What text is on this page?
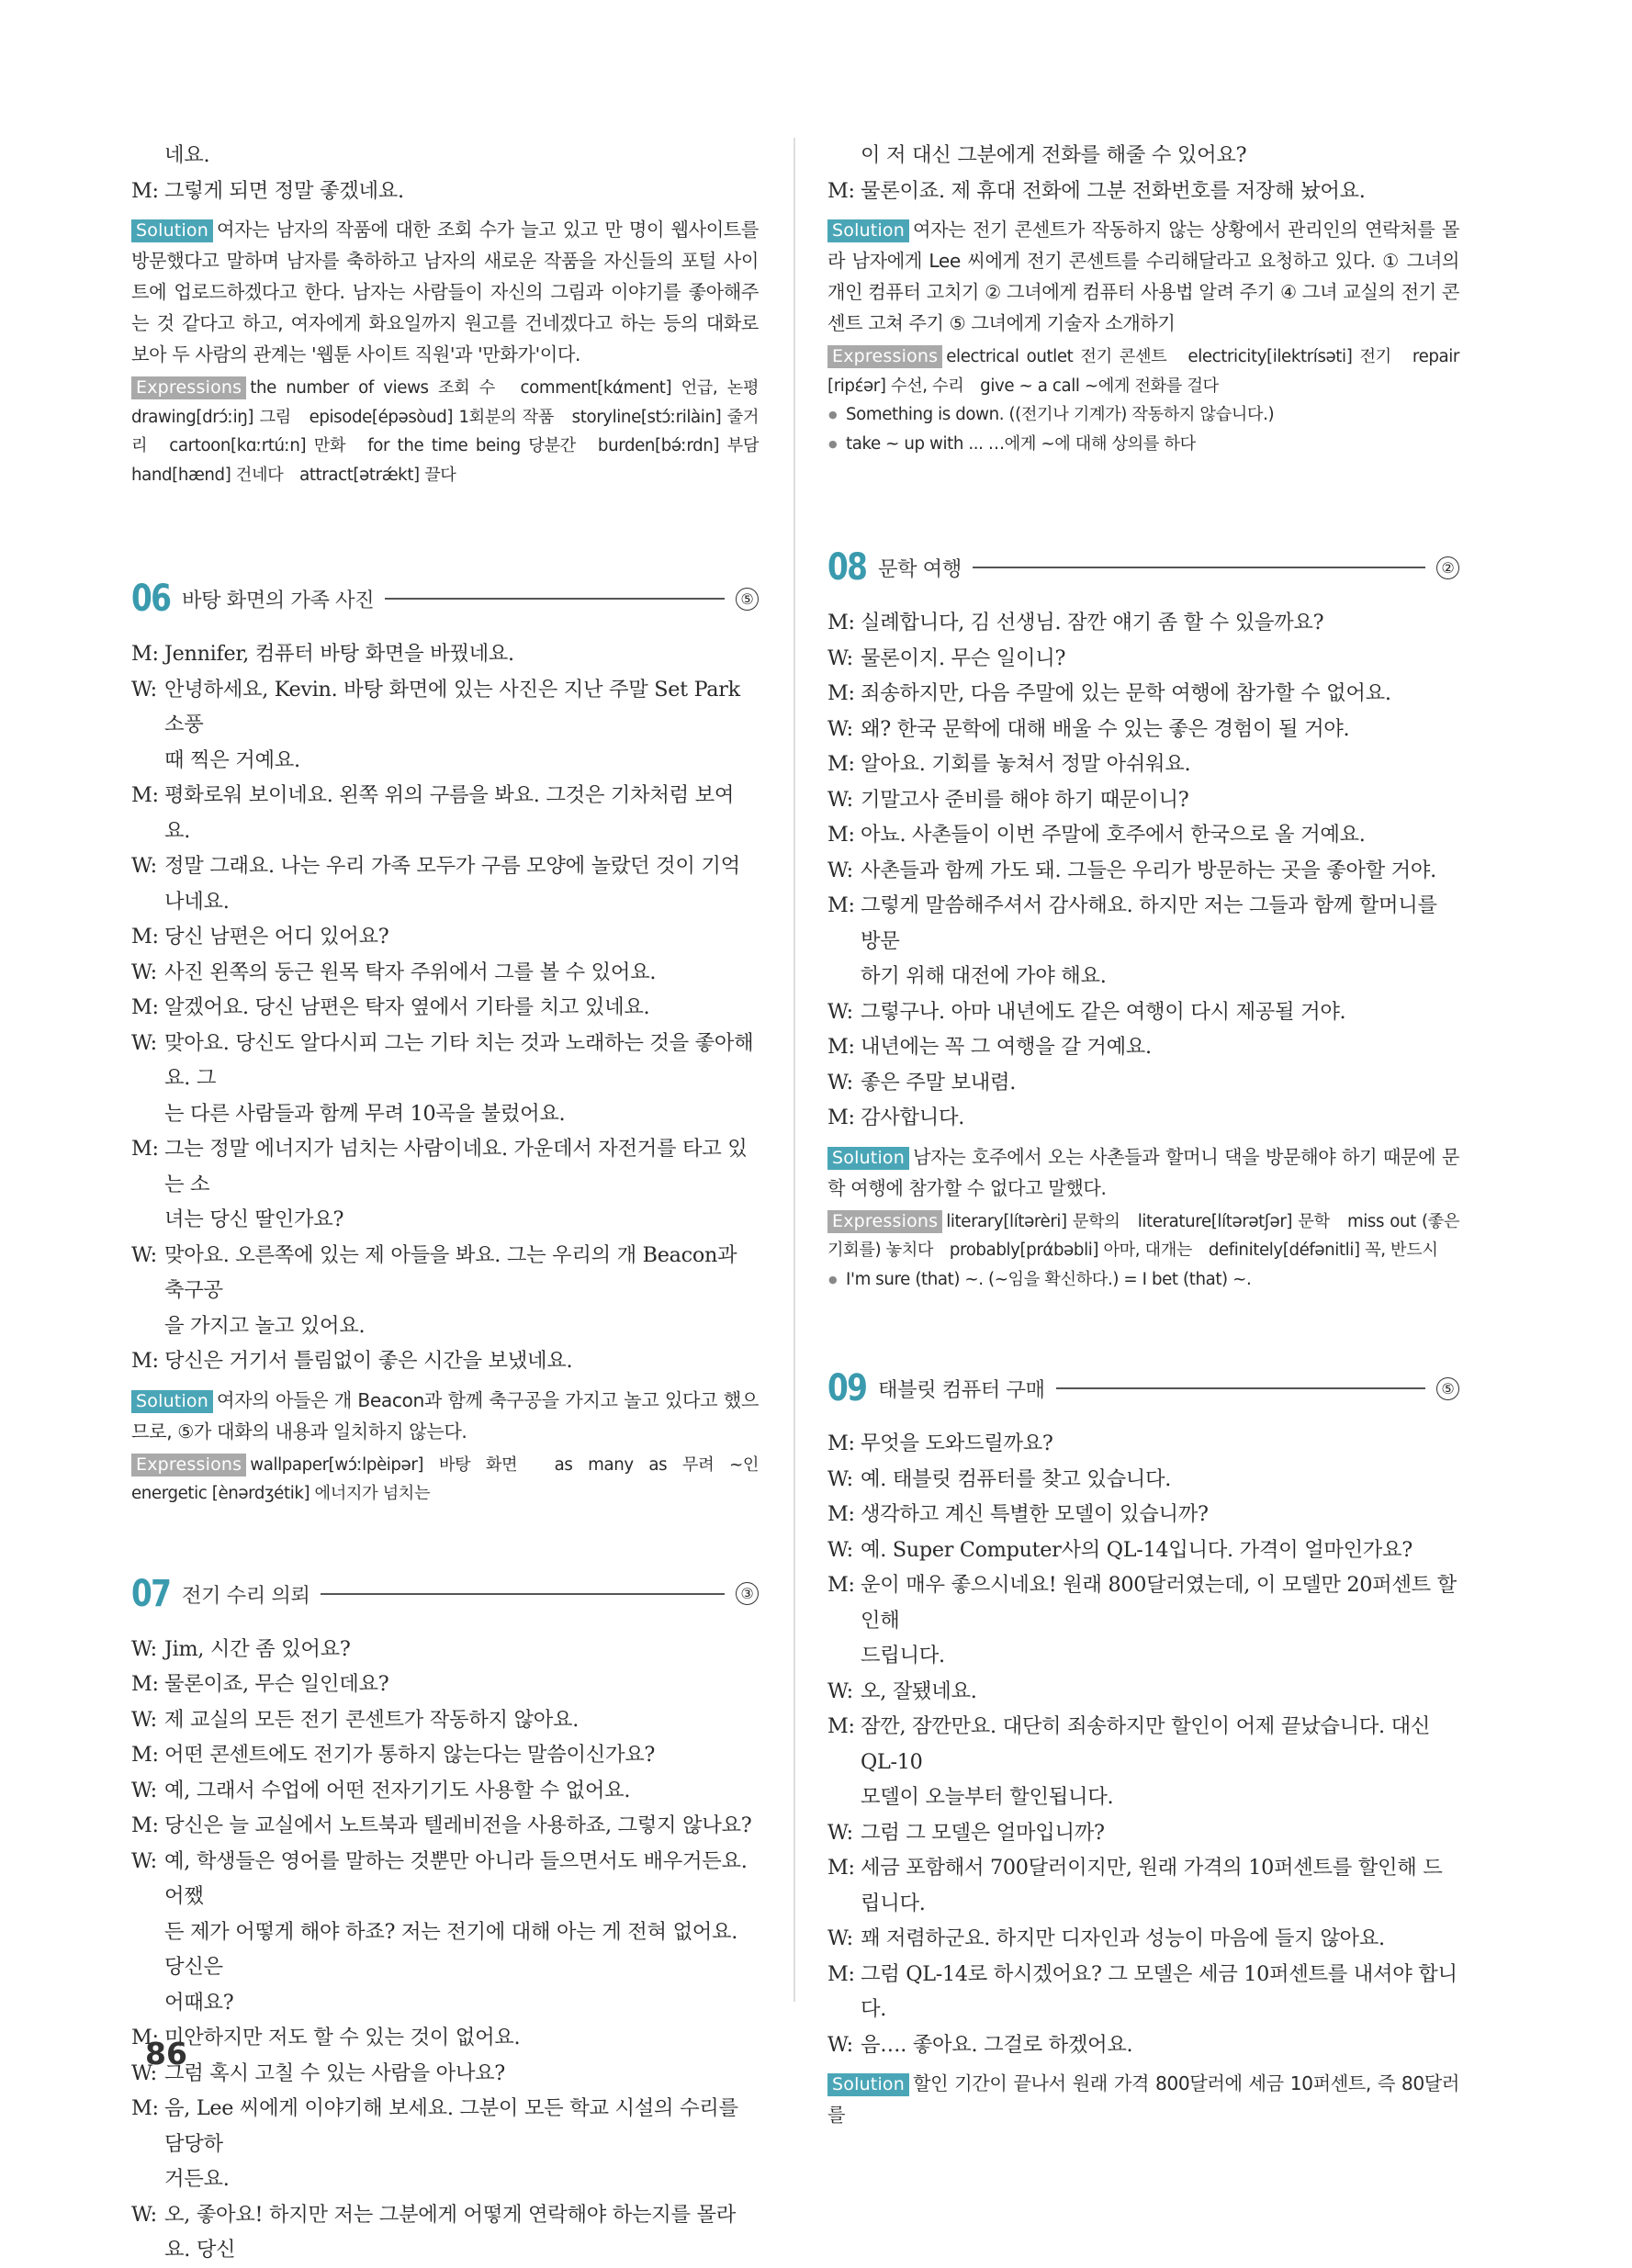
네요.
M: 그렇게 되면 정말 좋겠네요.
Solution 여자는 남자의 작품에 대한 조회 수가 늘고 있고 만 명이 웹사이트를 방문했다고 말하며 남자를 축하하고 남자의 새로운 작품을 자신들의 포털 사이트에 업로드하겠다고 한다. 남자는 사람들이 자신의 그림과 이야기를 좋아해주는 것 같다고 하고, 여자에게 화요일까지 원고를 건네겠다고 하는 등의 대화로 보아 두 사람의 관계는 '웹툰 사이트 직원'과 '만화가'이다.
Expressions the number of views 조회 수　comment[kάment] 언급, 논평　drawing[drɔ́ːiŋ] 그림　episode[épəsòud] 1회분의 작품　storyline[stɔ́ːrilàin] 줄거리　cartoon[kɑːrtúːn] 만화　for the time being 당분간　burden[bə́ːrdn] 부담　hand[hænd] 건네다　attract[ətrǽkt] 끌다
06 바탕 화면의 가족 사진	⑤
M: Jennifer, 컴퓨터 바탕 화면을 바꿨네요.
W: 안녕하세요, Kevin. 바탕 화면에 있는 사진은 지난 주말 Set Park 소풍
때 찍은 거예요.
M: 평화로워 보이네요. 왼쪽 위의 구름을 봐요. 그것은 기차처럼 보여요.
W: 정말 그래요. 나는 우리 가족 모두가 구름 모양에 놀랐던 것이 기억나네요.
M: 당신 남편은 어디 있어요?
W: 사진 왼쪽의 둥근 원목 탁자 주위에서 그를 볼 수 있어요.
M: 알겠어요. 당신 남편은 탁자 옆에서 기타를 치고 있네요.
W: 맞아요. 당신도 알다시피 그는 기타 치는 것과 노래하는 것을 좋아해요. 그
는 다른 사람들과 함께 무려 10곡을 불렀어요.
M: 그는 정말 에너지가 넘치는 사람이네요. 가운데서 자전거를 타고 있는 소
녀는 당신 딸인가요?
W: 맞아요. 오른쪽에 있는 제 아들을 봐요. 그는 우리의 개 Beacon과 축구공
을 가지고 놀고 있어요.
M: 당신은 거기서 틀림없이 좋은 시간을 보냈네요.
Solution 여자의 아들은 개 Beacon과 함께 축구공을 가지고 놀고 있다고 했으므로, ⑤가 대화의 내용과 일치하지 않는다.
Expressions wallpaper[wɔ́ːlpèipər] 바탕 화면　as many as 무려 ~인　energetic [ènərdʒétik] 에너지가 넘치는
07 전기 수리 의뢰	③
W: Jim, 시간 좀 있어요?
M: 물론이죠, 무슨 일인데요?
W: 제 교실의 모든 전기 콘센트가 작동하지 않아요.
M: 어떤 콘센트에도 전기가 통하지 않는다는 말씀이신가요?
W: 예, 그래서 수업에 어떤 전자기기도 사용할 수 없어요.
M: 당신은 늘 교실에서 노트북과 텔레비전을 사용하죠, 그렇지 않나요?
W: 예, 학생들은 영어를 말하는 것뿐만 아니라 들으면서도 배우거든요. 어쨌
든 제가 어떻게 해야 하죠? 저는 전기에 대해 아는 게 전혀 없어요. 당신은
어때요?
M: 미안하지만 저도 할 수 있는 것이 없어요.
W: 그럼 혹시 고칠 수 있는 사람을 아나요?
M: 음, Lee 씨에게 이야기해 보세요. 그분이 모든 학교 시설의 수리를 담당하
거든요.
W: 오, 좋아요! 하지만 저는 그분에게 어떻게 연락해야 하는지를 몰라요. 당신
이 저 대신 그분에게 전화를 해줄 수 있어요?
M: 물론이죠. 제 휴대 전화에 그분 전화번호를 저장해 놨어요.
Solution 여자는 전기 콘센트가 작동하지 않는 상황에서 관리인의 연락처를 몰라 남자에게 Lee 씨에게 전기 콘센트를 수리해달라고 요청하고 있다. ① 그녀의 개인 컴퓨터 고치기 ② 그녀에게 컴퓨터 사용법 알려 주기 ④ 그녀 교실의 전기 콘센트 고쳐 주기 ⑤ 그녀에게 기술자 소개하기
Expressions electrical outlet 전기 콘센트　electricity[ilektrísəti] 전기　repair [ripέər] 수선, 수리　give ~ a call ~에게 전화를 걸다
● Something is down. ((전기나 기계가) 작동하지 않습니다.)
● take ~ up with ... …에게 ~에 대해 상의를 하다
08 문학 여행	②
M: 실례합니다, 김 선생님. 잠깐 얘기 좀 할 수 있을까요?
W: 물론이지. 무슨 일이니?
M: 죄송하지만, 다음 주말에 있는 문학 여행에 참가할 수 없어요.
W: 왜? 한국 문학에 대해 배울 수 있는 좋은 경험이 될 거야.
M: 알아요. 기회를 놓쳐서 정말 아쉬워요.
W: 기말고사 준비를 해야 하기 때문이니?
M: 아뇨. 사촌들이 이번 주말에 호주에서 한국으로 올 거예요.
W: 사촌들과 함께 가도 돼. 그들은 우리가 방문하는 곳을 좋아할 거야.
M: 그렇게 말씀해주셔서 감사해요. 하지만 저는 그들과 함께 할머니를 방문
하기 위해 대전에 가야 해요.
W: 그렇구나. 아마 내년에도 같은 여행이 다시 제공될 거야.
M: 내년에는 꼭 그 여행을 갈 거예요.
W: 좋은 주말 보내렴.
M: 감사합니다.
Solution 남자는 호주에서 오는 사촌들과 할머니 댁을 방문해야 하기 때문에 문학 여행에 참가할 수 없다고 말했다.
Expressions literary[lítərèri] 문학의　literature[lítərətʃər] 문학　miss out (좋은 기회를) 놓치다　probably[prάbəbli] 아마, 대개는　definitely[défənitli] 꼭, 반드시
● I'm sure (that) ~. (~임을 확신하다.) = I bet (that) ~.
09 태블릿 컴퓨터 구매	⑤
M: 무엇을 도와드릴까요?
W: 예. 태블릿 컴퓨터를 찾고 있습니다.
M: 생각하고 계신 특별한 모델이 있습니까?
W: 예. Super Computer사의 QL-14입니다. 가격이 얼마인가요?
M: 운이 매우 좋으시네요! 원래 800달러였는데, 이 모델만 20퍼센트 할인해
드립니다.
W: 오, 잘됐네요.
M: 잠깐, 잠깐만요. 대단히 죄송하지만 할인이 어제 끝났습니다. 대신 QL-10
모델이 오늘부터 할인됩니다.
W: 그럼 그 모델은 얼마입니까?
M: 세금 포함해서 700달러이지만, 원래 가격의 10퍼센트를 할인해 드립니다.
W: 꽤 저렴하군요. 하지만 디자인과 성능이 마음에 들지 않아요.
M: 그럼 QL-14로 하시겠어요? 그 모델은 세금 10퍼센트를 내셔야 합니다.
W: 음…. 좋아요. 그걸로 하겠어요.
Solution 할인 기간이 끝나서 원래 가격 800달러에 세금 10퍼센트, 즉 80달러를
86
